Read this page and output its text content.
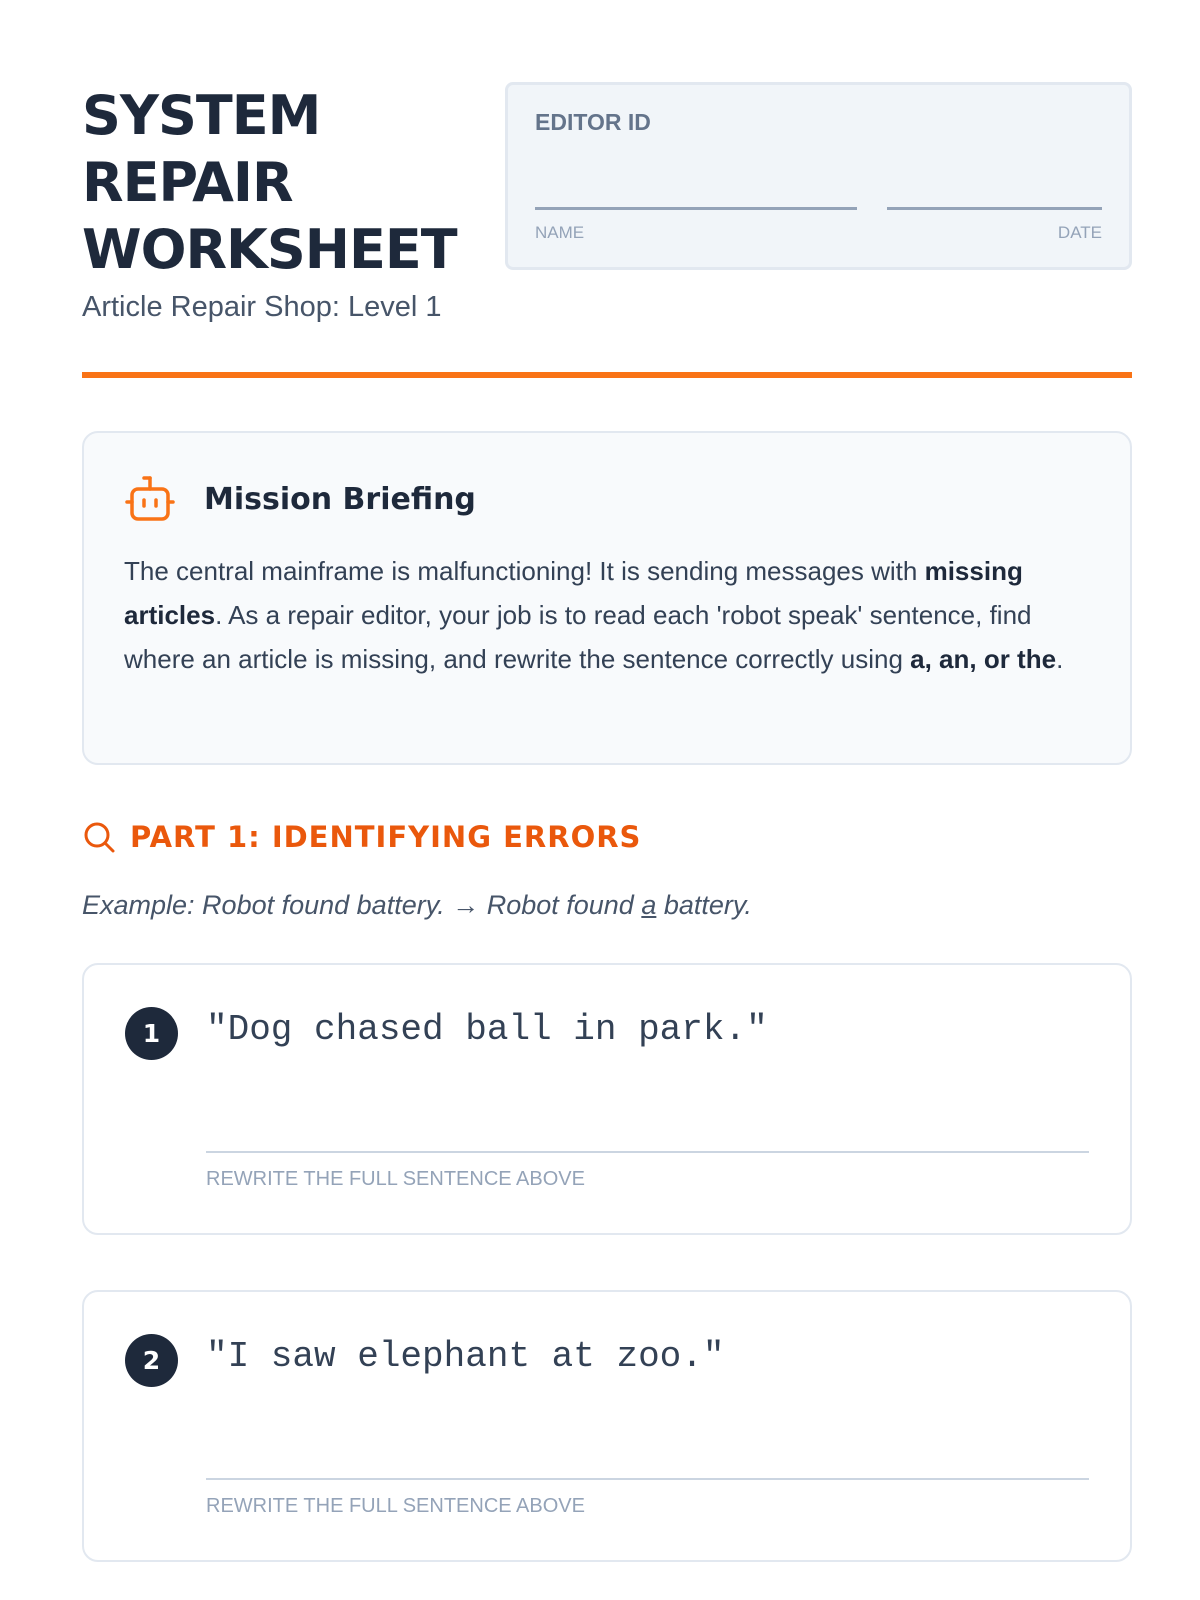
SYSTEM REPAIR WORKSHEET
Article Repair Shop: Level 1
EDITOR ID
NAME	DATE
Mission Briefing
The central mainframe is malfunctioning! It is sending messages with missing articles. As a repair editor, your job is to read each 'robot speak' sentence, find where an article is missing, and rewrite the sentence correctly using a, an, or the.
PART 1: IDENTIFYING ERRORS
Example: Robot found battery. → Robot found a battery.
1	"Dog chased ball in park."
REWRITE THE FULL SENTENCE ABOVE
2	"I saw elephant at zoo."
REWRITE THE FULL SENTENCE ABOVE
